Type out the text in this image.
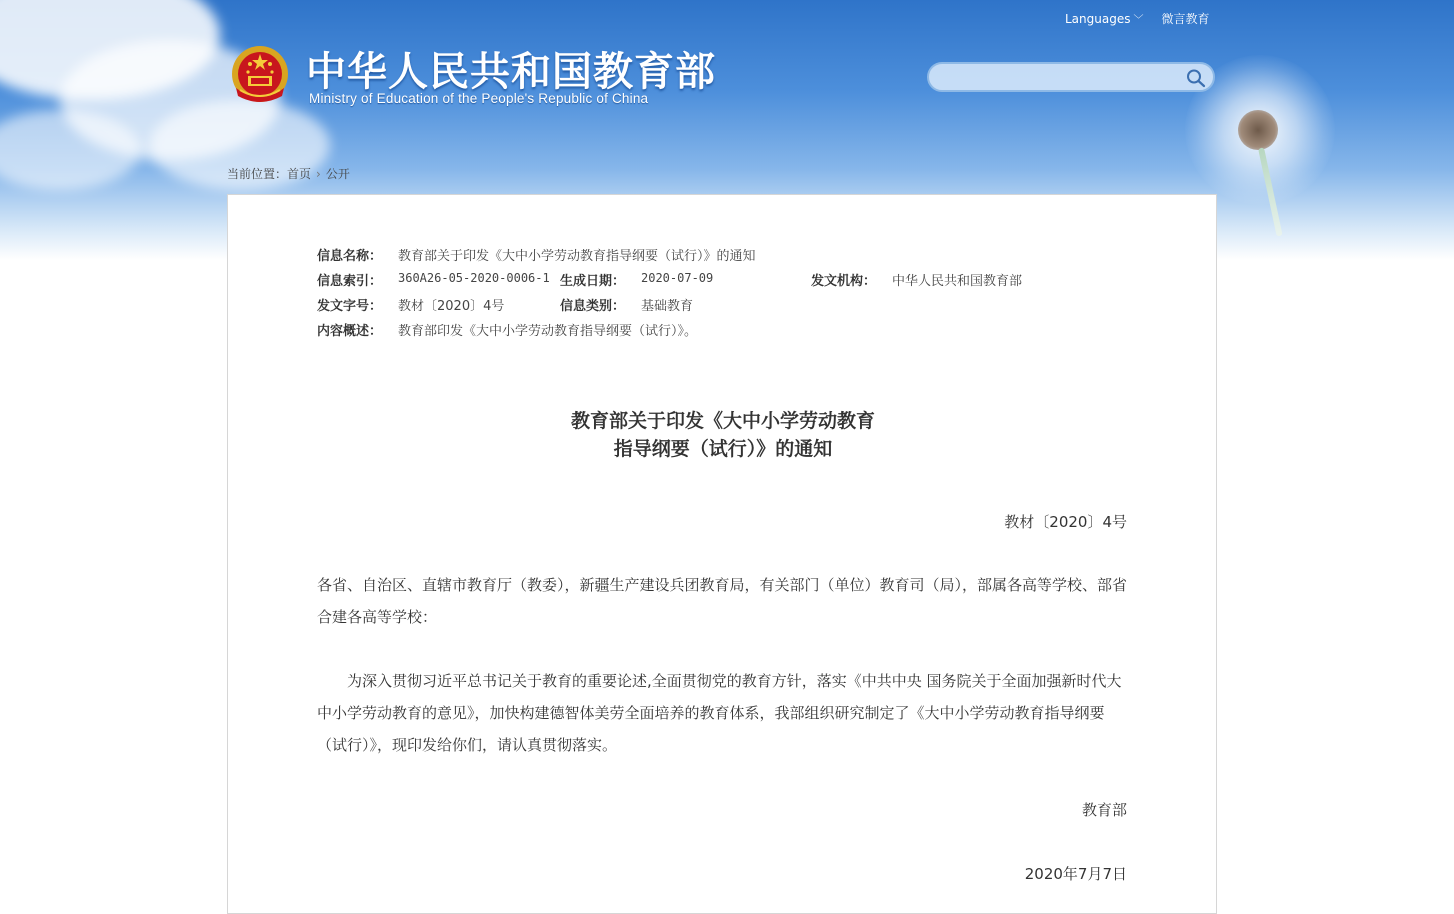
Languages ﹀ 微言教育
中华人民共和国教育部
Ministry of Education of the People's Republic of China
当前位置：首页 › 公开
信息名称： 教育部关于印发《大中小学劳动教育指导纲要（试行）》的通知
信息索引： 360A26-05-2020-0006-1 生成日期： 2020-07-09	发文机构： 中华人民共和国教育部
发文字号： 教材〔2020〕4号	信息类别： 基础教育
内容概述： 教育部印发《大中小学劳动教育指导纲要（试行）》。
教育部关于印发《大中小学劳动教育
指导纲要（试行）》的通知
教材〔2020〕4号
各省、自治区、直辖市教育厅（教委），新疆生产建设兵团教育局，有关部门（单位）教育司（局），部属各高等学校、部省合建各高等学校：
为深入贯彻习近平总书记关于教育的重要论述,全面贯彻党的教育方针，落实《中共中央 国务院关于全面加强新时代大中小学劳动教育的意见》，加快构建德智体美劳全面培养的教育体系，我部组织研究制定了《大中小学劳动教育指导纲要（试行）》，现印发给你们，请认真贯彻落实。
教育部
2020年7月7日
